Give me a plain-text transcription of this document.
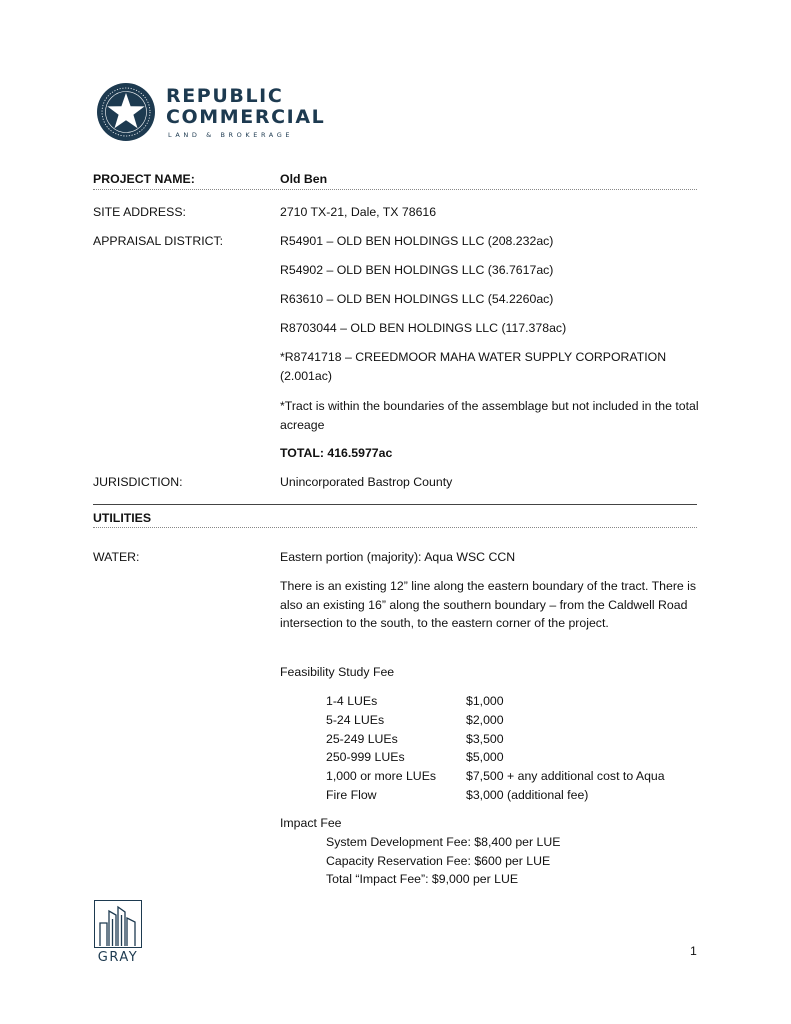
REPUBLIC
COMMERCIAL
LAND & BROKERAGE
PROJECT NAME:	Old Ben
SITE ADDRESS:	2710 TX-21, Dale, TX 78616
APPRAISAL DISTRICT:	R54901 – OLD BEN HOLDINGS LLC (208.232ac)
R54902 – OLD BEN HOLDINGS LLC (36.7617ac)
R63610 – OLD BEN HOLDINGS LLC (54.2260ac)
R8703044 – OLD BEN HOLDINGS LLC (117.378ac)
*R8741718 – CREEDMOOR MAHA WATER SUPPLY CORPORATION (2.001ac)
*Tract is within the boundaries of the assemblage but not included in the total acreage
TOTAL: 416.5977ac
JURISDICTION:	Unincorporated Bastrop County
UTILITIES
WATER:	Eastern portion (majority): Aqua WSC CCN
There is an existing 12” line along the eastern boundary of the tract. There is also an existing 16” along the southern boundary – from the Caldwell Road intersection to the south, to the eastern corner of the project.
Feasibility Study Fee
1-4 LUEs	$1,000
5-24 LUEs	$2,000
25-249 LUEs	$3,500
250-999 LUEs	$5,000
1,000 or more LUEs	$7,500 + any additional cost to Aqua
Fire Flow	$3,000 (additional fee)
Impact Fee
System Development Fee: $8,400 per LUE
Capacity Reservation Fee: $600 per LUE
Total “Impact Fee”: $9,000 per LUE
GRAY	1
